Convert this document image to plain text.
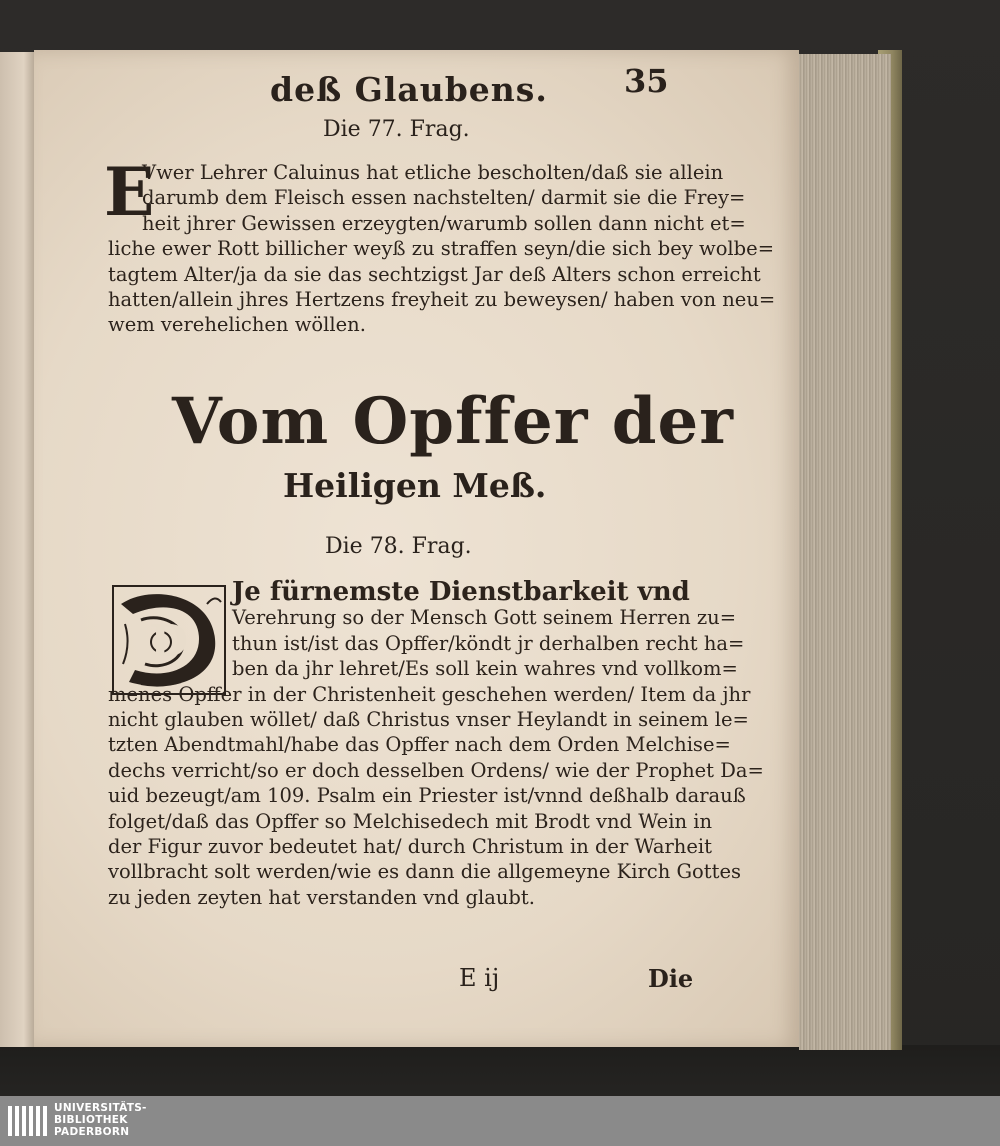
deß Glaubens. 35
Die 77. Frag.
E
Vwer Lehrer Caluinus hat etliche bescholten/daß sie allein
darumb dem Fleisch essen nachstelten/ darmit sie die Frey=
heit jhrer Gewissen erzeygten/warumb sollen dann nicht et=
liche ewer Rott billicher weyß zu straffen seyn/die sich bey wolbe=
tagtem Alter/ja da sie das sechtzigst Jar deß Alters schon erreicht
hatten/allein jhres Hertzens freyheit zu beweysen/ haben von neu=
wem verehelichen wöllen.
Vom Opffer der
Heiligen Meß.
Die 78. Frag.
D
Je fürnemste Dienstbarkeit vnd
Verehrung so der Mensch Gott seinem Herren zu=
thun ist/ist das Opffer/köndt jr derhalben recht ha=
ben da jhr lehret/Es soll kein wahres vnd vollkom=
menes Opffer in der Christenheit geschehen werden/ Item da jhr
nicht glauben wöllet/ daß Christus vnser Heylandt in seinem le=
tzten Abendtmahl/habe das Opffer nach dem Orden Melchise=
dechs verricht/so er doch desselben Ordens/ wie der Prophet Da=
uid bezeugt/am 109. Psalm ein Priester ist/vnnd deßhalb darauß
folget/daß das Opffer so Melchisedech mit Brodt vnd Wein in
der Figur zuvor bedeutet hat/ durch Christum in der Warheit
vollbracht solt werden/wie es dann die allgemeyne Kirch Gottes
zu jeden zeyten hat verstanden vnd glaubt.
E ij	Die
UNIVERSITÄTS-
BIBLIOTHEK
PADERBORN
